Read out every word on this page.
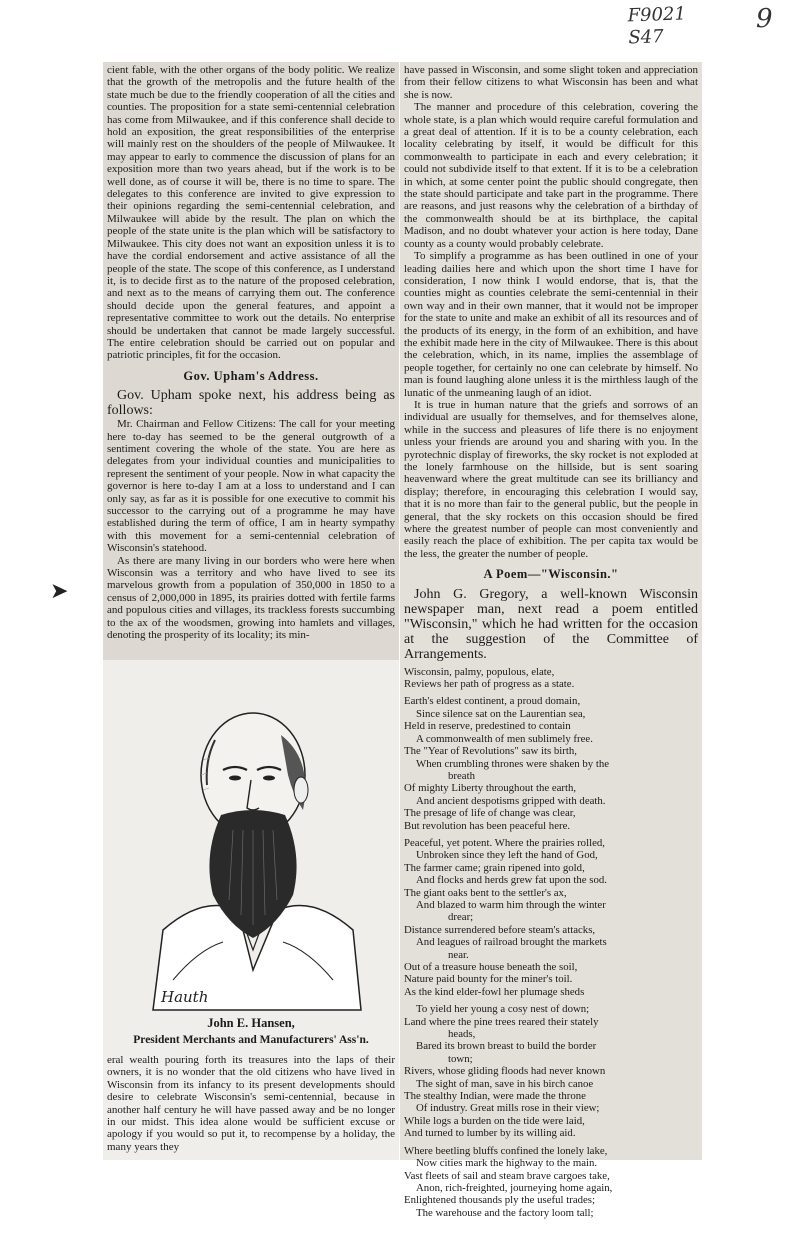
F9021 S47
9
➤

cient fable, with the other organs of the body politic. We realize that the growth of the metropolis and the future health of the state much be due to the friendly cooperation of all the cities and counties. The proposition for a state semi-centennial celebration has come from Milwaukee, and if this conference shall decide to hold an exposition, the great responsibilities of the enterprise will mainly rest on the shoulders of the people of Milwaukee. It may appear to early to commence the discussion of plans for an exposition more than two years ahead, but if the work is to be well done, as of course it will be, there is no time to spare. The delegates to this conference are invited to give expression to their opinions regarding the semi-centennial celebration, and Milwaukee will abide by the result. The plan on which the people of the state unite is the plan which will be satisfactory to Milwaukee. This city does not want an exposition unless it is to have the cordial endorsement and active assistance of all the people of the state. The scope of this conference, as I understand it, is to decide first as to the nature of the proposed celebration, and next as to the means of carrying them out. The conference should decide upon the general features, and appoint a representative committee to work out the details. No enterprise should be undertaken that cannot be made largely successful. The entire celebration should be carried out on popular and patriotic principles, fit for the occasion.

Gov. Upham's Address.

Gov. Upham spoke next, his address being as follows:

Mr. Chairman and Fellow Citizens: The call for your meeting here to-day has seemed to be the general outgrowth of a sentiment covering the whole of the state. You are here as delegates from your individual counties and municipalities to represent the sentiment of your people. Now in what capacity the governor is here to-day I am at a loss to understand and I can only say, as far as it is possible for one executive to commit his successor to the carrying out of a programme he may have established during the term of office, I am in hearty sympathy with this movement for a semi-centennial celebration of Wisconsin's statehood.

As there are many living in our borders who were here when Wisconsin was a territory and who have lived to see its marvelous growth from a population of 350,000 in 1850 to a census of 2,000,000 in 1895, its prairies dotted with fertile farms and populous cities and villages, its trackless forests succumbing to the ax of the woodsmen, growing into hamlets and villages, denoting the prosperity of its locality; its min-

Hauth
John E. Hansen,
President Merchants and Manufacturers' Ass'n.

eral wealth pouring forth its treasures into the laps of their owners, it is no wonder that the old citizens who have lived in Wisconsin from its infancy to its present developments should desire to celebrate Wisconsin's semi-centennial, because in another half century he will have passed away and be no longer in our midst. This idea alone would be sufficient excuse or apology if you would so put it, to recompense by a holiday, the many years they

have passed in Wisconsin, and some slight token and appreciation from their fellow citizens to what Wisconsin has been and what she is now.

The manner and procedure of this celebration, covering the whole state, is a plan which would require careful formulation and a great deal of attention. If it is to be a county celebration, each locality celebrating by itself, it would be difficult for this commonwealth to participate in each and every celebration; it could not subdivide itself to that extent. If it is to be a celebration in which, at some center point the public should congregate, then the state should participate and take part in the programme. There are reasons, and just reasons why the celebration of a birthday of the commonwealth should be at its birthplace, the capital Madison, and no doubt whatever your action is here today, Dane county as a county would probably celebrate.

To simplify a programme as has been outlined in one of your leading dailies here and which upon the short time I have for consideration, I now think I would endorse, that is, that the counties might as counties celebrate the semi-centennial in their own way and in their own manner, that it would not be improper for the state to unite and make an exhibit of all its resources and of the products of its energy, in the form of an exhibition, and have the exhibit made here in the city of Milwaukee. There is this about the celebration, which, in its name, implies the assemblage of people together, for certainly no one can celebrate by himself. No man is found laughing alone unless it is the mirthless laugh of the lunatic of the unmeaning laugh of an idiot.

It is true in human nature that the griefs and sorrows of an individual are usually for themselves, and for themselves alone, while in the success and pleasures of life there is no enjoyment unless your friends are around you and sharing with you. In the pyrotechnic display of fireworks, the sky rocket is not exploded at the lonely farmhouse on the hillside, but is sent soaring heavenward where the great multitude can see its brilliancy and display; therefore, in encouraging this celebration I would say, that it is no more than fair to the general public, but the people in general, that the sky rockets on this occasion should be fired where the greatest number of people can most conveniently and easily reach the place of exhibition. The per capita tax would be the less, the greater the number of people.

A Poem—"Wisconsin."

John G. Gregory, a well-known Wisconsin newspaper man, next read a poem entitled "Wisconsin," which he had written for the occasion at the suggestion of the Committee of Arrangements.

Wisconsin, palmy, populous, elate,
Reviews her path of progress as a state.
Earth's eldest continent, a proud domain,
Since silence sat on the Laurentian sea,
Held in reserve, predestined to contain
A commonwealth of men sublimely free.
The "Year of Revolutions" saw its birth,
When crumbling thrones were shaken by the
breath
Of mighty Liberty throughout the earth,
And ancient despotisms gripped with death.
The presage of life of change was clear,
But revolution has been peaceful here.
Peaceful, yet potent. Where the prairies rolled,
Unbroken since they left the hand of God,
The farmer came; grain ripened into gold,
And flocks and herds grew fat upon the sod.
The giant oaks bent to the settler's ax,
And blazed to warm him through the winter
drear;
Distance surrendered before steam's attacks,
And leagues of railroad brought the markets
near.
Out of a treasure house beneath the soil,
Nature paid bounty for the miner's toil.
As the kind elder-fowl her plumage sheds
To yield her young a cosy nest of down;
Land where the pine trees reared their stately
heads,
Bared its brown breast to build the border
town;
Rivers, whose gliding floods had never known
The sight of man, save in his birch canoe
The stealthy Indian, were made the throne
Of industry. Great mills rose in their view;
While logs a burden on the tide were laid,
And turned to lumber by its willing aid.
Where beetling bluffs confined the lonely lake,
Now cities mark the highway to the main.
Vast fleets of sail and steam brave cargoes take,
Anon, rich-freighted, journeying home again,
Enlightened thousands ply the useful trades;
The warehouse and the factory loom tall;
